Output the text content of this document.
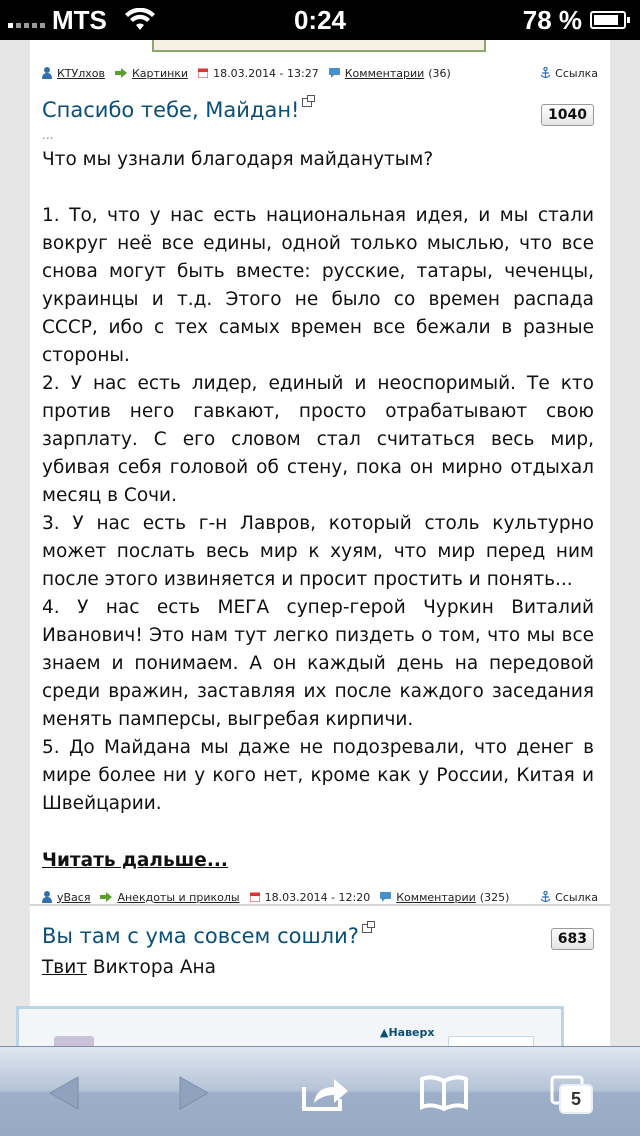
MTS	0:24	78 %
КТУлхов Картинки 18.03.2014 - 13:27 Комментарии (36)	Ссылка
Спасибо тебе, Майдан!	1040
...

Что мы узнали благодаря майданутым?

1. То, что у нас есть национальная идея, и мы стали вокруг неё все едины, одной только мыслью, что все снова могут быть вместе: русские, татары, чеченцы, украинцы и т.д. Этого не было со времен распада СССР, ибо с тех самых времен все бежали в разные стороны.

2. У нас есть лидер, единый и неоспоримый. Те кто против него гавкают, просто отрабатывают свою зарплату. С его словом стал считаться весь мир, убивая себя головой об стену, пока он мирно отдыхал месяц в Сочи.

3. У нас есть г-н Лавров, который столь культурно может послать весь мир к хуям, что мир перед ним после этого извиняется и просит простить и понять...

4. У нас есть МЕГА супер-герой Чуркин Виталий Иванович! Это нам тут легко пиздеть о том, что мы все знаем и понимаем. А он каждый день на передовой среди вражин, заставляя их после каждого заседания менять памперсы, выгребая кирпичи.

5. До Майдана мы даже не подозревали, что денег в мире более ни у кого нет, кроме как у России, Китая и Швейцарии.

Читать дальше...
уВася Анекдоты и приколы 18.03.2014 - 12:20 Комментарии (325)	Ссылка
Вы там с ума совсем сошли?	683

Твит Виктора Ана

▲Наверх
5
